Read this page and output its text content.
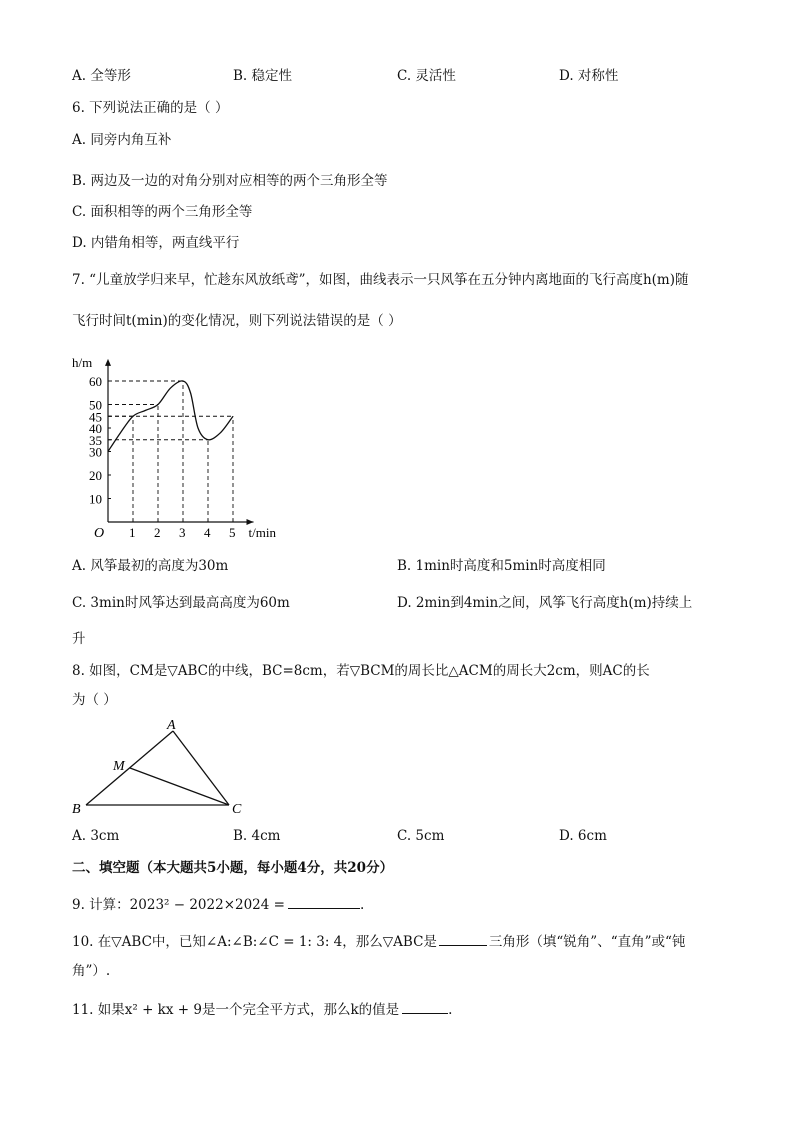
A. 全等形	B. 稳定性	C. 灵活性	D. 对称性
6. 下列说法正确的是（ ）
A. 同旁内角互补
B. 两边及一边的对角分别对应相等的两个三角形全等
C. 面积相等的两个三角形全等
D. 内错角相等，两直线平行
7. “儿童放学归来早，忙趁东风放纸鸢”，如图，曲线表示一只风筝在五分钟内离地面的飞行高度h(m)随
飞行时间t(min)的变化情况，则下列说法错误的是（ ）
1 2 3 4 5
10
20
30
35
40
45
50
60
O	t/min
h/m
A. 风筝最初的高度为30m	B. 1min时高度和5min时高度相同
C. 3min时风筝达到最高高度为60m	D. 2min到4min之间，风筝飞行高度h(m)持续上
升
8. 如图，CM是▽ABC的中线，BC=8cm，若▽BCM的周长比△ACM的周长大2cm，则AC的长
为（ ）
A
B	C
M
A. 3cm	B. 4cm	C. 5cm	D. 6cm
二、填空题（本大题共5小题，每小题4分，共20分）
9. 计算：2023² − 2022×2024 =	.
10. 在▽ABC中，已知∠A:∠B:∠C = 1: 3: 4，那么▽ABC是	三角形（填“锐角”、“直角”或“钝
角”）.
11. 如果x² + kx + 9是一个完全平方式，那么k的值是	.
